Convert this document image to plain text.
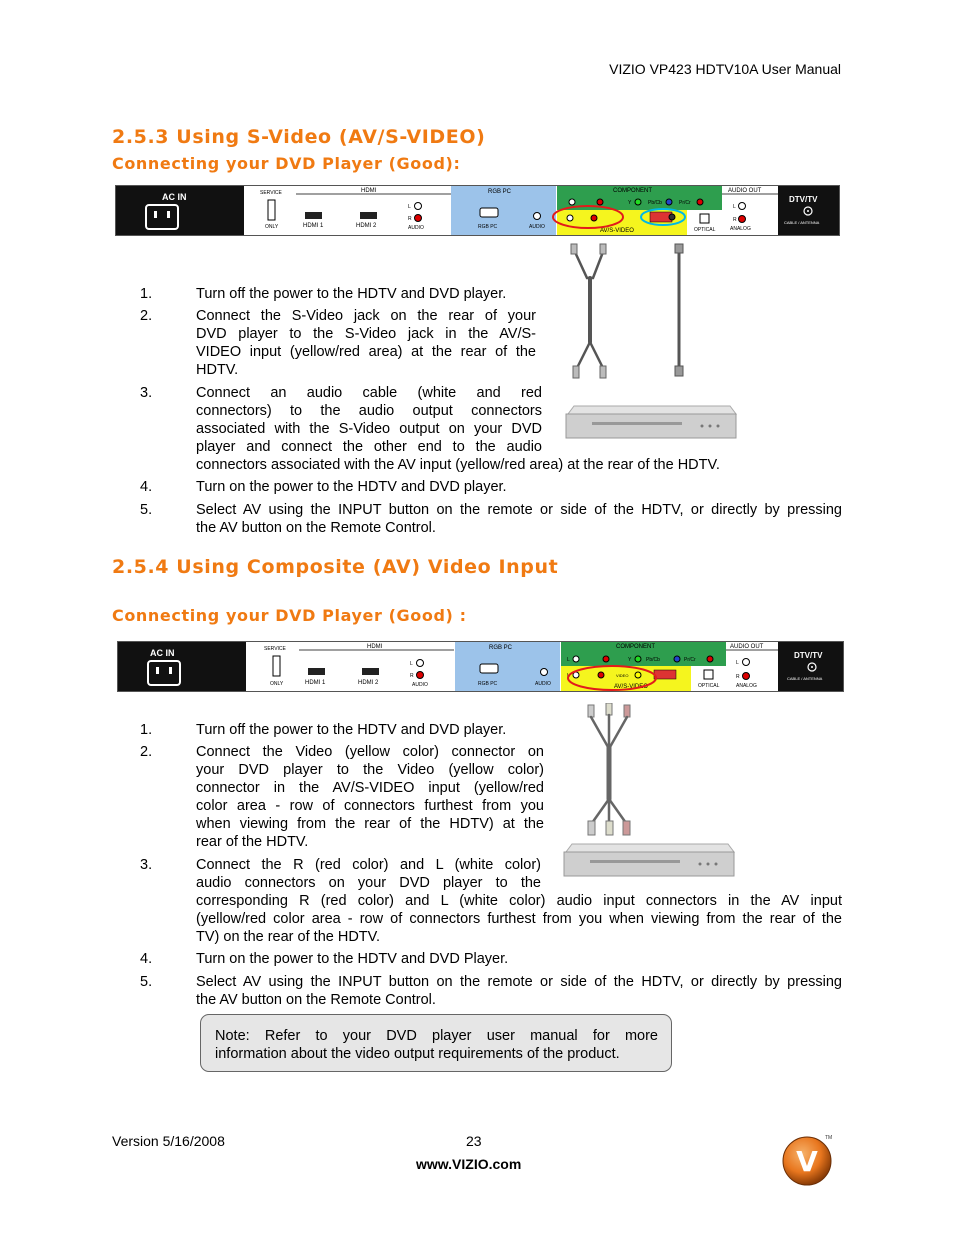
VIZIO VP423 HDTV10A User Manual
2.5.3 Using S-Video (AV/S-VIDEO)
Connecting your DVD Player (Good):
AC IN	SERVICE
ONLY
HDMI
HDMI 1	HDMI 2
L
R
AUDIO
RGB PC
RGB PC	AUDIO
COMPONENT
Y	Pb/Cb	Pr/Cr
AV/S-VIDEO	OPTICAL
AUDIO OUT
L
R
ANALOG
DTV/TV
CABLE / ANTENNA
1.	Turn off the power to the HDTV and DVD player.
2.	Connect the S-Video jack on the rear of your
DVD player to the S-Video jack in the AV/S-
VIDEO input (yellow/red area) at the rear of the
HDTV.
3.	Connect an audio cable (white and red
connectors) to the audio output connectors
associated with the S-Video output on your DVD
player and connect the other end to the audio
connectors associated with the AV input (yellow/red area) at the rear of the HDTV.
4.	Turn on the power to the HDTV and DVD player.
5.	Select AV using the INPUT button on the remote or side of the HDTV, or directly by pressing
the AV button on the Remote Control.
2.5.4 Using Composite (AV) Video Input
Connecting your DVD Player (Good) :
AC IN	SERVICE
ONLY
HDMI
HDMI 1	HDMI 2
L
R
AUDIO
RGB PC
RGB PC	AUDIO
COMPONENT
L	Y	Pb/Cb	Pr/Cr
L	VIDEO
AV/S-VIDEO	OPTICAL
AUDIO OUT
L
R
ANALOG
DTV/TV
CABLE / ANTENNA
1.	Turn off the power to the HDTV and DVD player.
2.	Connect the Video (yellow color) connector on
your DVD player to the Video (yellow color)
connector in the AV/S-VIDEO input (yellow/red
color area - row of connectors furthest from you
when viewing from the rear of the HDTV) at the
rear of the HDTV.
3.	Connect the R (red color) and L (white color)
audio connectors on your DVD player to the
corresponding R (red color) and L (white color) audio input connectors in the AV input
(yellow/red color area - row of connectors furthest from you when viewing from the rear of the
TV) on the rear of the HDTV.
4.	Turn on the power to the HDTV and DVD Player.
5.	Select AV using the INPUT button on the remote or side of the HDTV, or directly by pressing
the AV button on the Remote Control.
Note: Refer to your DVD player user manual for more
information about the video output requirements of the product.
Version 5/16/2008	23
www.VIZIO.com	V
TM
